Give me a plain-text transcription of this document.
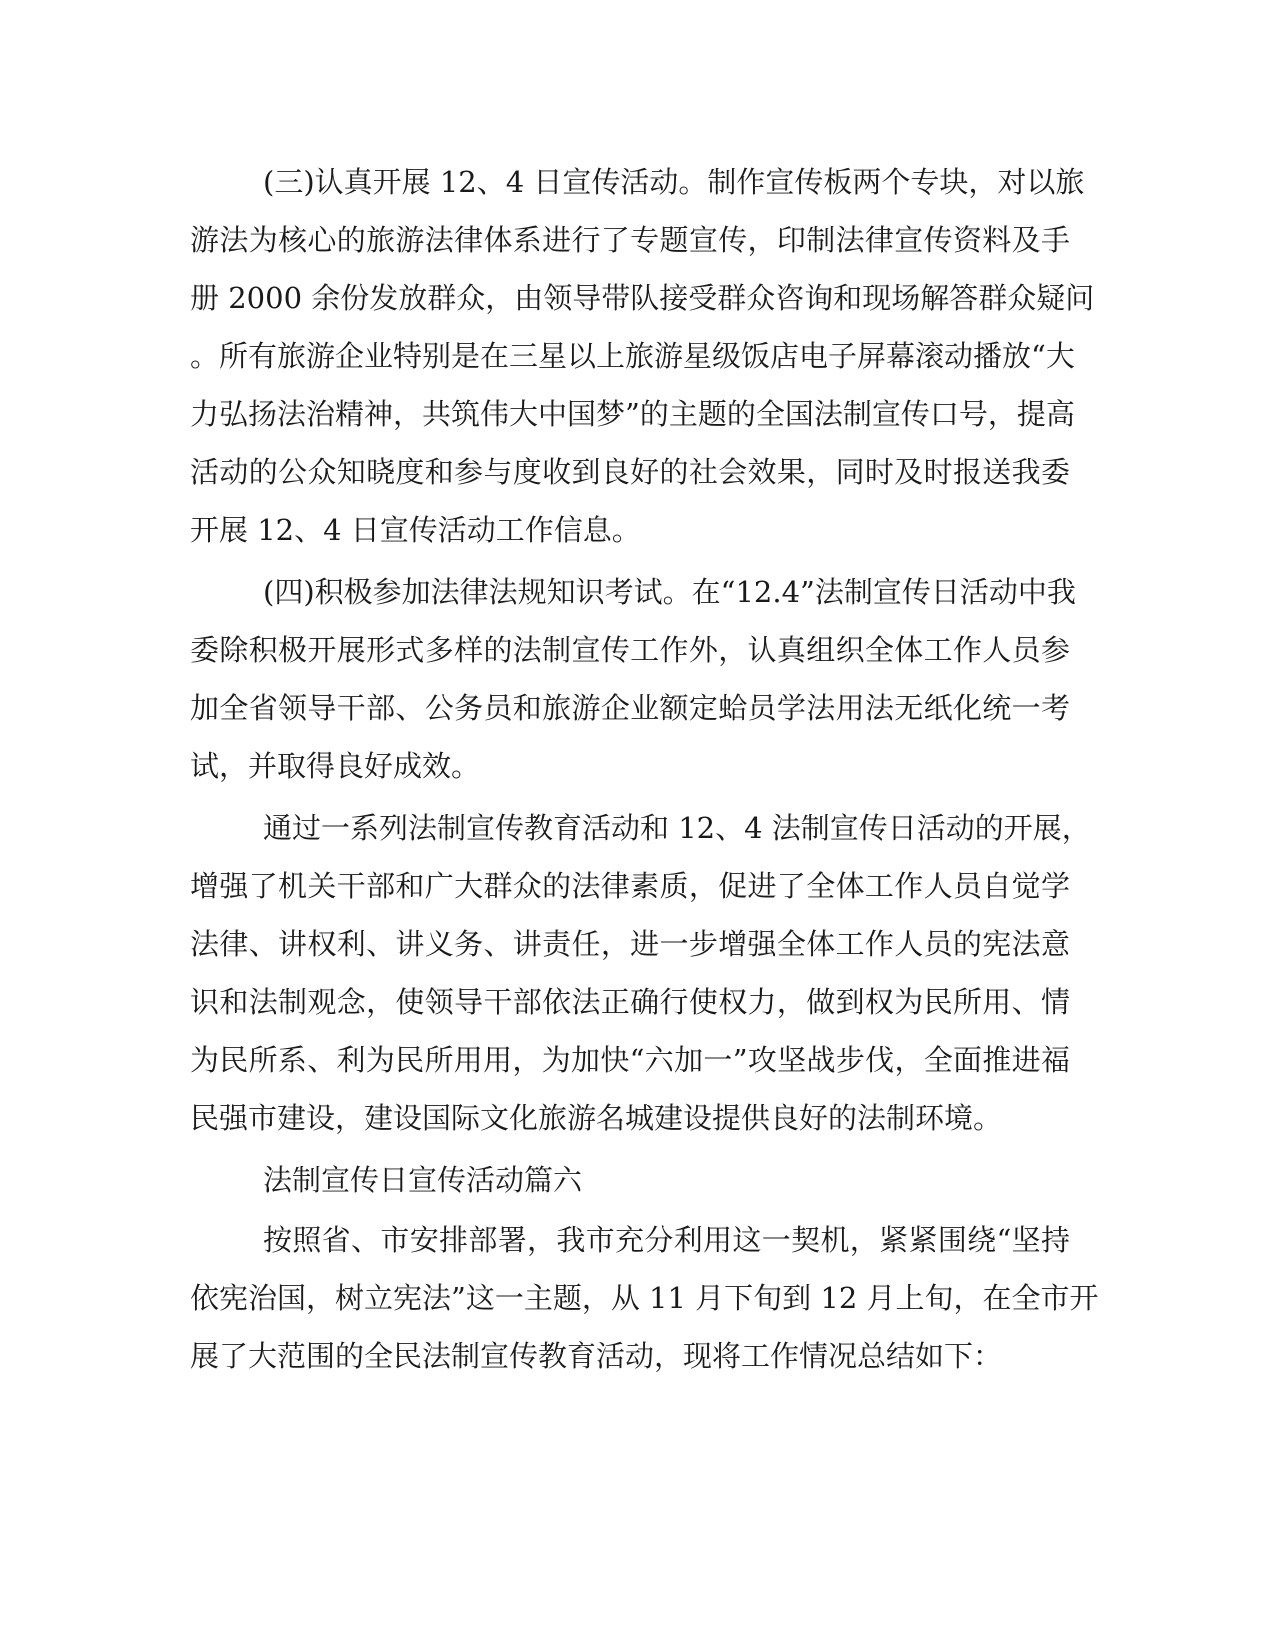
(三)认真开展 12、4 日宣传活动。制作宣传板两个专块，对以旅
游法为核心的旅游法律体系进行了专题宣传，印制法律宣传资料及手
册 2000 余份发放群众，由领导带队接受群众咨询和现场解答群众疑问
。所有旅游企业特别是在三星以上旅游星级饭店电子屏幕滚动播放“大
力弘扬法治精神，共筑伟大中国梦”的主题的全国法制宣传口号，提高
活动的公众知晓度和参与度收到良好的社会效果，同时及时报送我委
开展 12、4 日宣传活动工作信息。
(四)积极参加法律法规知识考试。在“12.4”法制宣传日活动中我
委除积极开展形式多样的法制宣传工作外，认真组织全体工作人员参
加全省领导干部、公务员和旅游企业额定蛤员学法用法无纸化统一考
试，并取得良好成效。
通过一系列法制宣传教育活动和 12、4 法制宣传日活动的开展，
增强了机关干部和广大群众的法律素质，促进了全体工作人员自觉学
法律、讲权利、讲义务、讲责任，进一步增强全体工作人员的宪法意
识和法制观念，使领导干部依法正确行使权力，做到权为民所用、情
为民所系、利为民所用用，为加快“六加一”攻坚战步伐，全面推进福
民强市建设，建设国际文化旅游名城建设提供良好的法制环境。
法制宣传日宣传活动篇六
按照省、市安排部署，我市充分利用这一契机，紧紧围绕“坚持
依宪治国，树立宪法”这一主题，从 11 月下旬到 12 月上旬，在全市开
展了大范围的全民法制宣传教育活动，现将工作情况总结如下：
